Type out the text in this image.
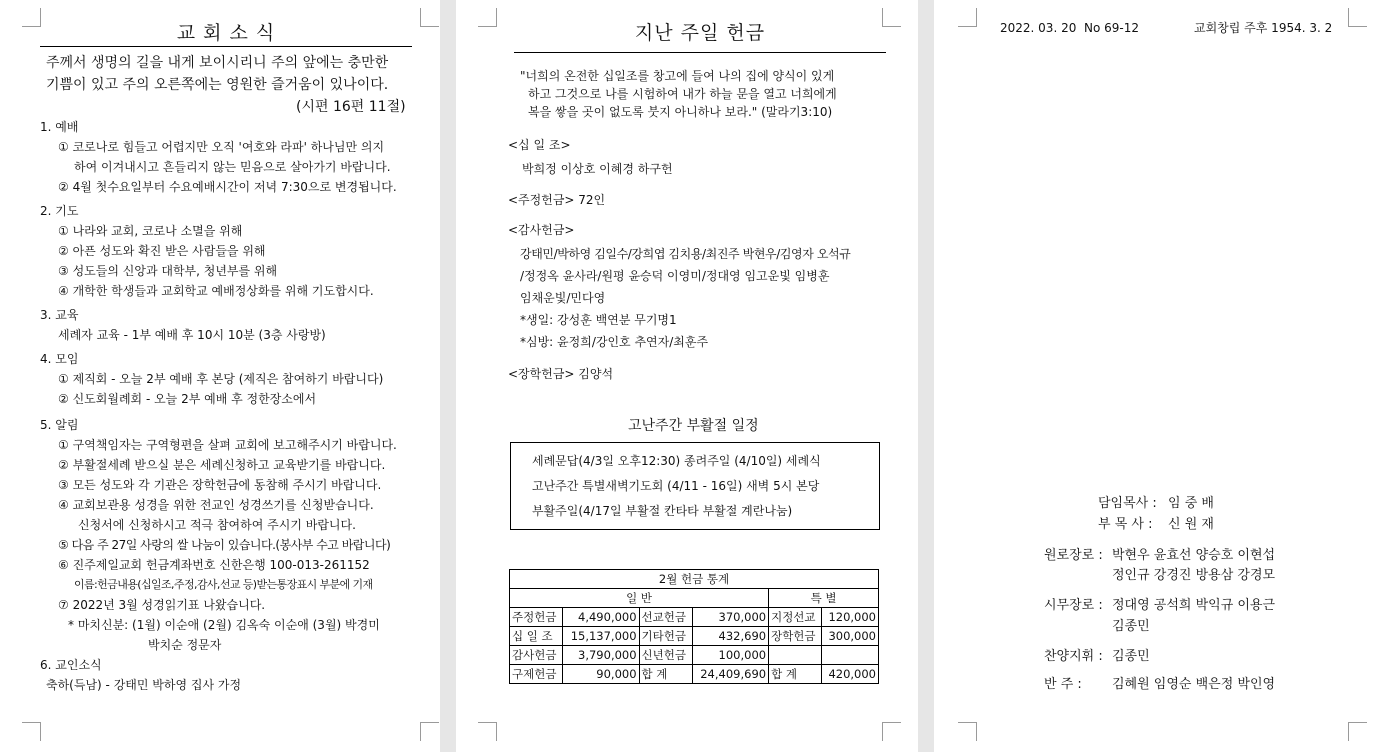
교 회 소 식
주께서 생명의 길을 내게 보이시리니 주의 앞에는 충만한
기쁨이 있고 주의 오른쪽에는 영원한 즐거움이 있나이다.
(시편 16편 11절)
1. 예배
① 코로나로 힘들고 어렵지만 오직 '여호와 라파' 하나님만 의지
하여 이겨내시고 흔들리지 않는 믿음으로 살아가기 바랍니다.
② 4월 첫수요일부터 수요예배시간이 저녁 7:30으로 변경됩니다.
2. 기도
① 나라와 교회, 코로나 소멸을 위해
② 아픈 성도와 확진 받은 사람들을 위해
③ 성도들의 신앙과 대학부, 청년부를 위해
④ 개학한 학생들과 교회학교 예배정상화를 위해 기도합시다.
3. 교육
세례자 교육 - 1부 예배 후 10시 10분 (3층 사랑방)
4. 모임
① 제직회 - 오늘 2부 예배 후 본당 (제직은 참여하기 바랍니다)
② 신도회월례회 - 오늘 2부 예배 후 정한장소에서
5. 알림
① 구역책임자는 구역형편을 살펴 교회에 보고해주시기 바랍니다.
② 부활절세례 받으실 분은 세례신청하고 교육받기를 바랍니다.
③ 모든 성도와 각 기관은 장학헌금에 동참해 주시기 바랍니다.
④ 교회보관용 성경을 위한 전교인 성경쓰기를 신청받습니다.
신청서에 신청하시고 적극 참여하여 주시기 바랍니다.
⑤ 다음 주 27일 사랑의 쌀 나눔이 있습니다.(봉사부 수고 바랍니다)
⑥ 진주제일교회 헌금계좌번호 신한은행 100-013-261152
이름:헌금내용(십일조,주정,감사,선교 등)받는통장표시 부분에 기재
⑦ 2022년 3월 성경읽기표 나왔습니다.
* 마치신분: (1월) 이순애 (2월) 김옥숙 이순애 (3월) 박경미
박치순 정문자
6. 교인소식
축하(득남) - 강태민 박하영 집사 가정
지난 주일 헌금
"너희의 온전한 십일조를 창고에 들여 나의 집에 양식이 있게
하고 그것으로 나를 시험하여 내가 하늘 문을 열고 너희에게
복을 쌓을 곳이 없도록 붓지 아니하나 보라." (말라기3:10)
<십 일 조>
박희정 이상호 이혜경 하구헌
<주정헌금> 72인
<감사헌금>
강태민/박하영 김일수/강희엽 김치용/최진주 박현우/김영자 오석규
/정정옥 윤사라/원평 윤승덕 이영미/정대영 임고운빛 임병훈
임채운빛/민다영
*생일: 강성훈 백연분 무기명1
*심방: 윤정희/강인호 추연자/최훈주
<장학헌금> 김양석
고난주간 부활절 일정
세례문답(4/3일 오후12:30) 종려주일 (4/10일) 세례식
고난주간 특별새벽기도회 (4/11 - 16일) 새벽 5시 본당
부활주일(4/17일 부활절 칸타타 부활절 계란나눔)
2월 헌금 통계					
일 반				특 별	
주정헌금	4,490,000	선교헌금	370,000	지정선교	120,000
십 일 조	15,137,000	기타헌금	432,690	장학헌금	300,000
감사헌금	3,790,000	신년헌금	100,000		
구제헌금	90,000	합 계	24,409,690	합 계	420,000
2022. 03. 20 No 69-12	교회창립 주후 1954. 3. 2
담임목사 : 임 중 배
부 목 사 : 신 원 재
원로장로 : 박현우 윤효선 양승호 이현섭
정인규 강경진 방용삼 강경모
시무장로 : 정대영 공석희 박익규 이용근
김종민
찬양지휘 : 김종민
반 주 : 김혜원 임영순 백은정 박인영
